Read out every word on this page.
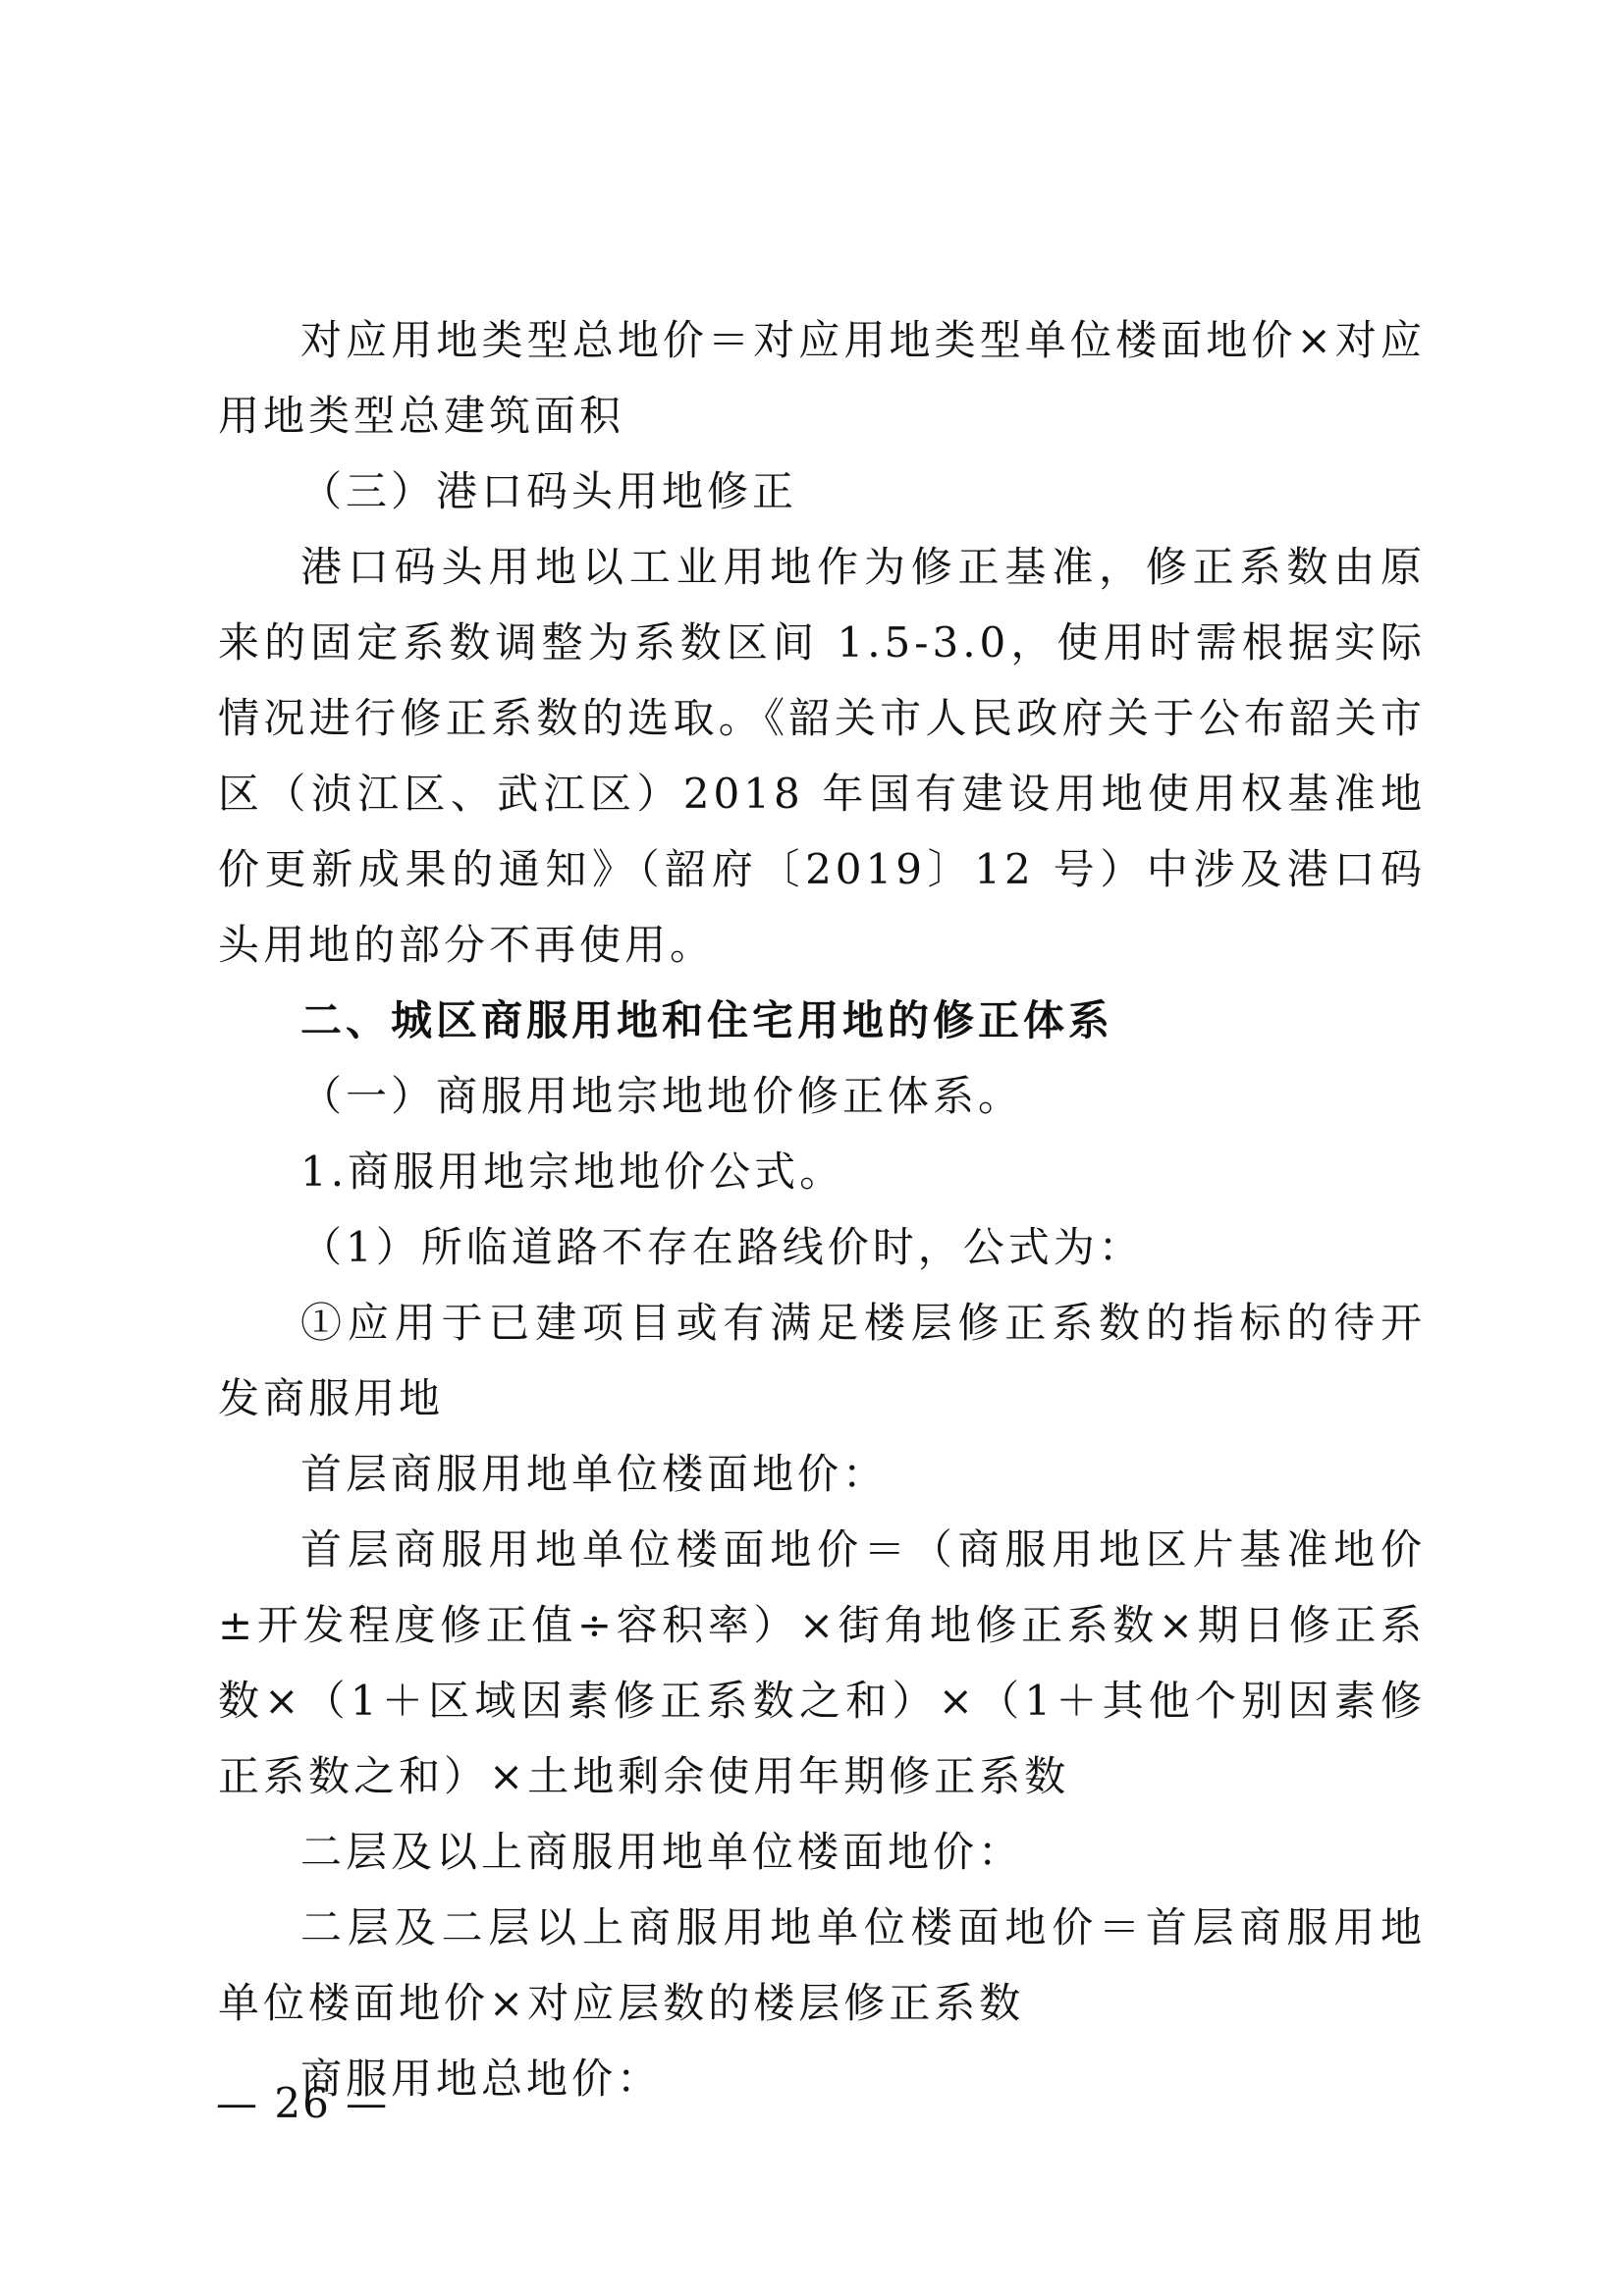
对应用地类型总地价＝对应用地类型单位楼面地价×对应用地类型总建筑面积

（三）港口码头用地修正

港口码头用地以工业用地作为修正基准，修正系数由原来的固定系数调整为系数区间 1.5-3.0，使用时需根据实际情况进行修正系数的选取。《韶关市人民政府关于公布韶关市区（浈江区、武江区）2018 年国有建设用地使用权基准地价更新成果的通知》（韶府〔2019〕12 号）中涉及港口码头用地的部分不再使用。

二、城区商服用地和住宅用地的修正体系

（一）商服用地宗地地价修正体系。

1.商服用地宗地地价公式。

（1）所临道路不存在路线价时，公式为：

①应用于已建项目或有满足楼层修正系数的指标的待开发商服用地

首层商服用地单位楼面地价：

首层商服用地单位楼面地价＝（商服用地区片基准地价±开发程度修正值÷容积率）×街角地修正系数×期日修正系数×（1＋区域因素修正系数之和）×（1＋其他个别因素修正系数之和）×土地剩余使用年期修正系数

二层及以上商服用地单位楼面地价：

二层及二层以上商服用地单位楼面地价＝首层商服用地单位楼面地价×对应层数的楼层修正系数

商服用地总地价：

— 26 —
